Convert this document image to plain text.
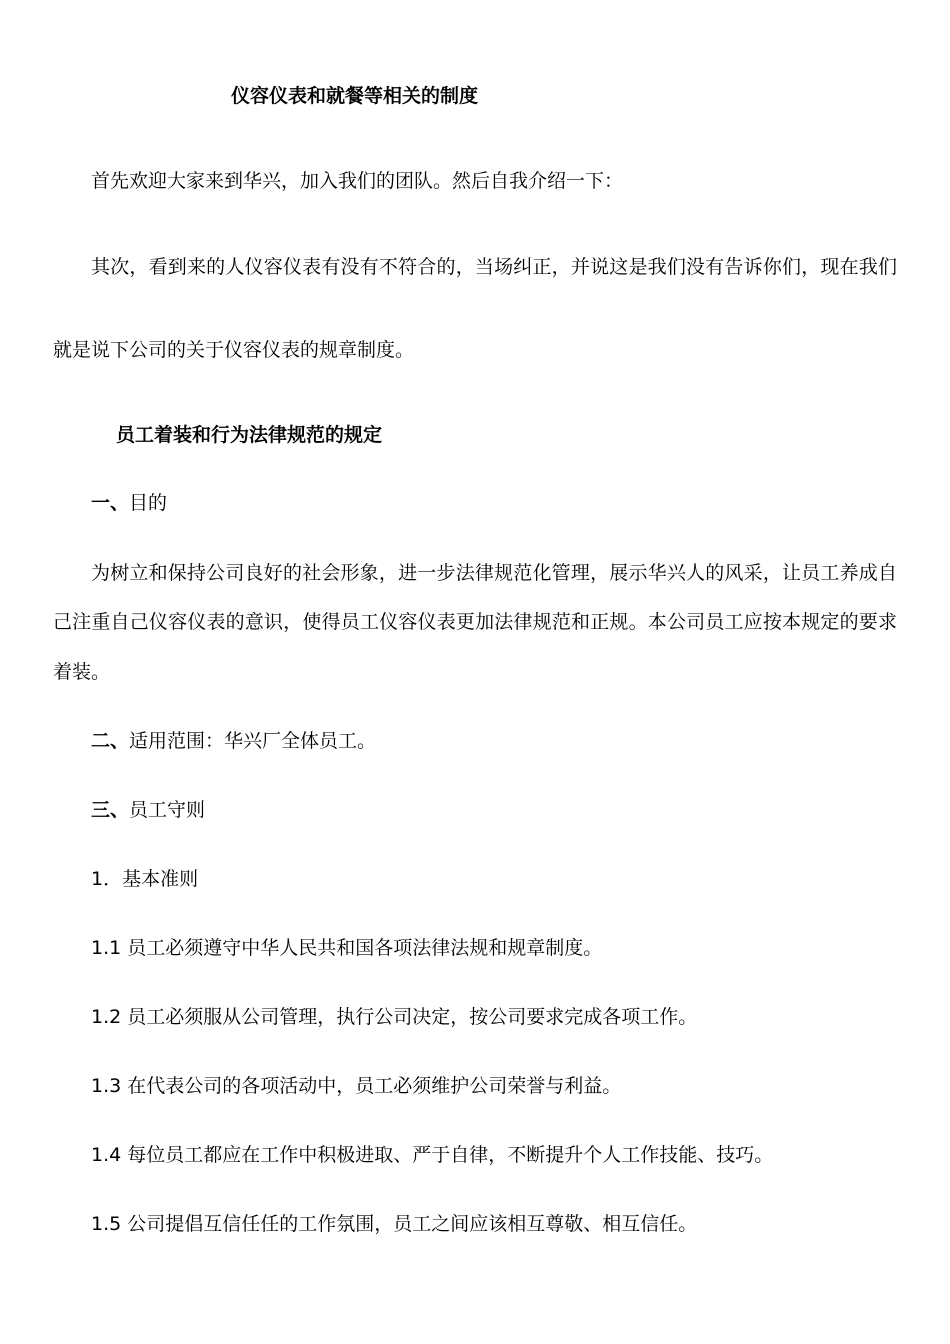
仪容仪表和就餐等相关的制度
首先欢迎大家来到华兴，加入我们的团队。然后自我介绍一下：
其次，看到来的人仪容仪表有没有不符合的，当场纠正，并说这是我们没有告诉你们，现在我们
就是说下公司的关于仪容仪表的规章制度。
员工着装和行为法律规范的规定
一、目的
为树立和保持公司良好的社会形象，进一步法律规范化管理，展示华兴人的风采，让员工养成自
己注重自己仪容仪表的意识，使得员工仪容仪表更加法律规范和正规。本公司员工应按本规定的要求
着装。
二、适用范围：华兴厂全体员工。
三、员工守则
1．基本准则
1.1 员工必须遵守中华人民共和国各项法律法规和规章制度。
1.2 员工必须服从公司管理，执行公司决定，按公司要求完成各项工作。
1.3 在代表公司的各项活动中，员工必须维护公司荣誉与利益。
1.4 每位员工都应在工作中积极进取、严于自律，不断提升个人工作技能、技巧。
1.5 公司提倡互信任任的工作氛围，员工之间应该相互尊敬、相互信任。
